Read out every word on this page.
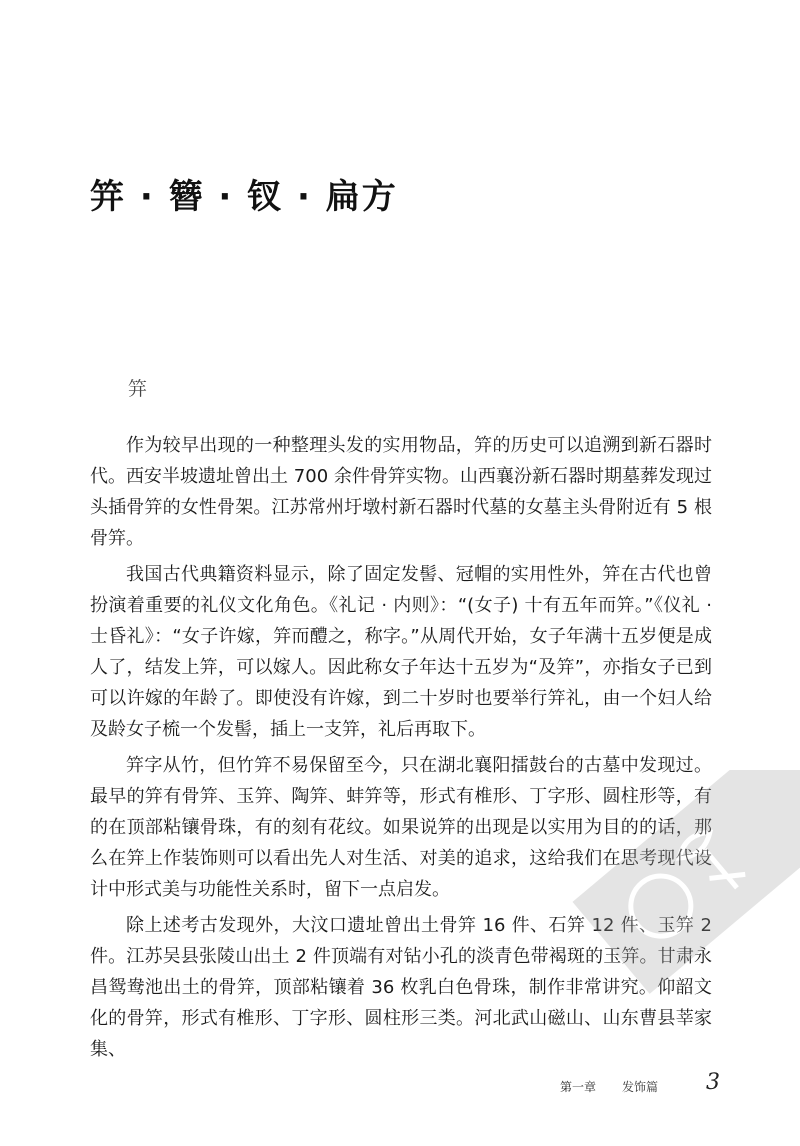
笄 · 簪 · 钗 · 扁方
笄

作为较早出现的一种整理头发的实用物品，笄的历史可以追溯到新石器时代。西安半坡遗址曾出土 700 余件骨笄实物。山西襄汾新石器时期墓葬发现过头插骨笄的女性骨架。江苏常州圩墩村新石器时代墓的女墓主头骨附近有 5 根骨笄。

我国古代典籍资料显示，除了固定发髻、冠帽的实用性外，笄在古代也曾扮演着重要的礼仪文化角色。《礼记 · 内则》：“(女子) 十有五年而笄。”《仪礼 · 士昏礼》：“女子许嫁，笄而醴之，称字。”从周代开始，女子年满十五岁便是成人了，结发上笄，可以嫁人。因此称女子年达十五岁为“及笄”，亦指女子已到可以许嫁的年龄了。即使没有许嫁，到二十岁时也要举行笄礼，由一个妇人给及龄女子梳一个发髻，插上一支笄，礼后再取下。

笄字从竹，但竹笄不易保留至今，只在湖北襄阳擂鼓台的古墓中发现过。最早的笄有骨笄、玉笄、陶笄、蚌笄等，形式有椎形、丁字形、圆柱形等，有的在顶部粘镶骨珠，有的刻有花纹。如果说笄的出现是以实用为目的的话，那么在笄上作装饰则可以看出先人对生活、对美的追求，这给我们在思考现代设计中形式美与功能性关系时，留下一点启发。

除上述考古发现外，大汶口遗址曾出土骨笄 16 件、石笄 12 件、玉笄 2 件。江苏吴县张陵山出土 2 件顶端有对钻小孔的淡青色带褐斑的玉笄。甘肃永昌鸳鸯池出土的骨笄，顶部粘镶着 36 枚乳白色骨珠，制作非常讲究。仰韶文化的骨笄，形式有椎形、丁字形、圆柱形三类。河北武山磁山、山东曹县莘家集、

PDG
第一章 发饰篇 3
